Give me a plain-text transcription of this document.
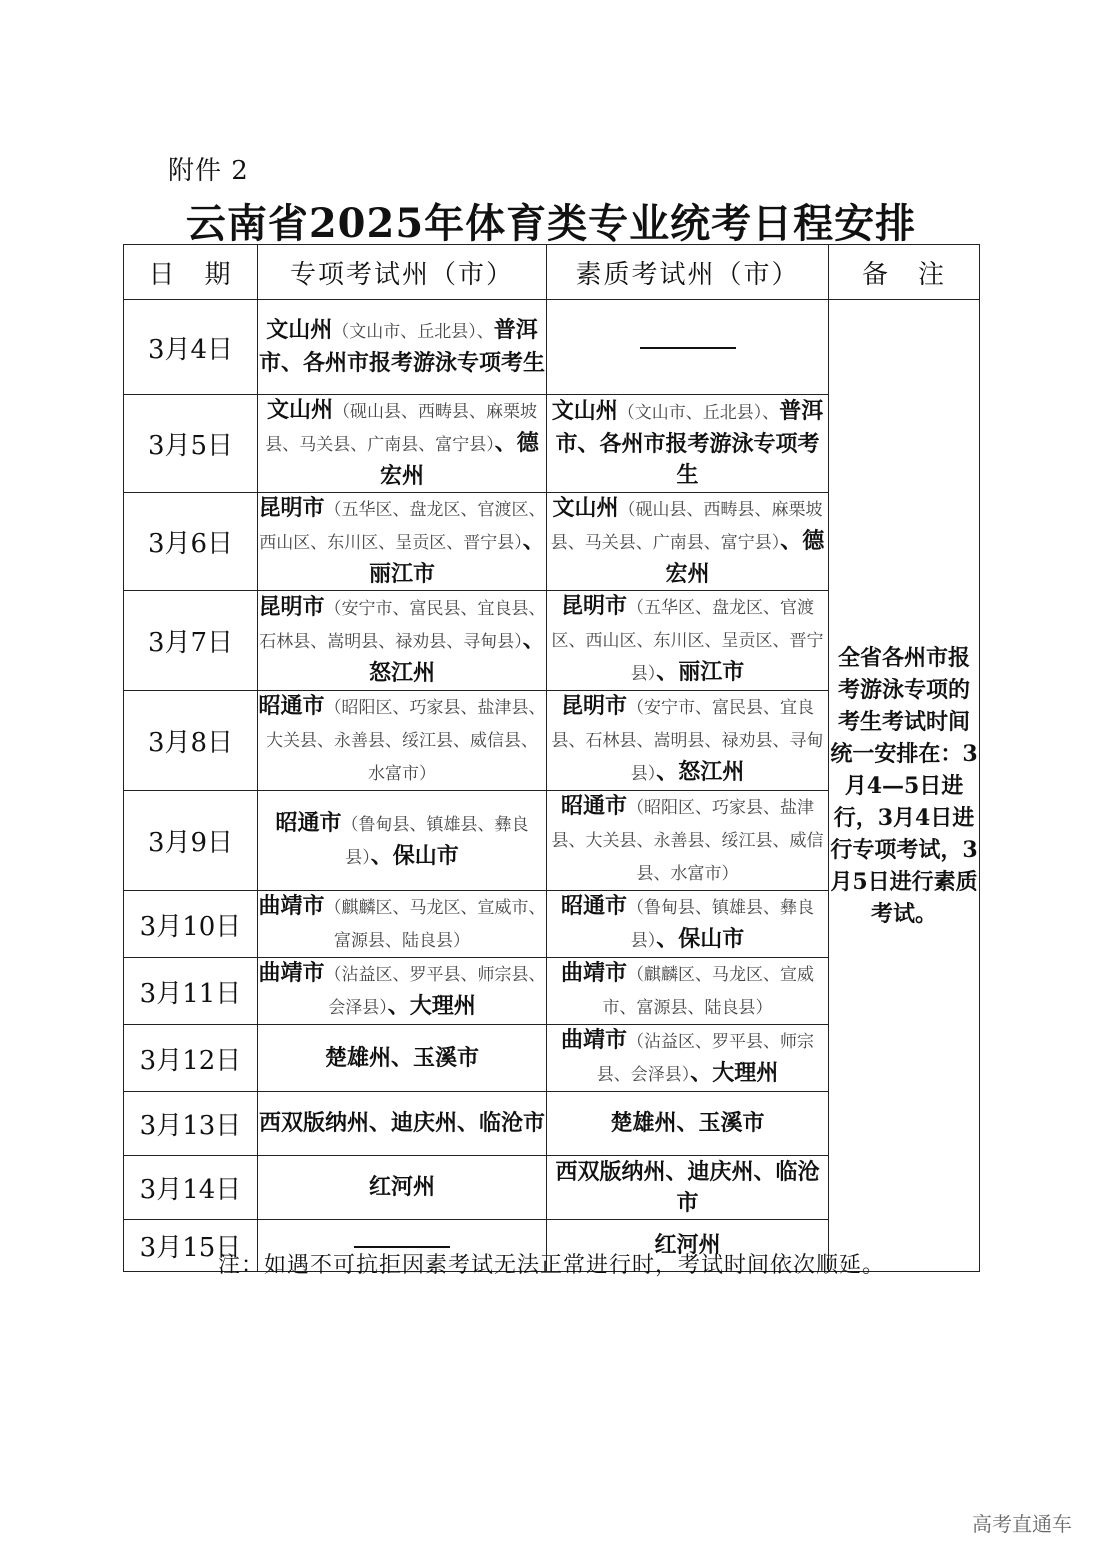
附件 2
云南省2025年体育类专业统考日程安排
日　期	专项考试州（市）	素质考试州（市）	备　注
3月4日	文山州（文山市、丘北县）、普洱市、各州市报考游泳专项考生		全省各州市报考游泳专项的考生考试时间统一安排在：3月4—5日进行，3月4日进行专项考试，3月5日进行素质考试。
3月5日	文山州（砚山县、西畴县、麻栗坡县、马关县、广南县、富宁县）、德宏州	文山州（文山市、丘北县）、普洱市、各州市报考游泳专项考生	
3月6日	昆明市（五华区、盘龙区、官渡区、西山区、东川区、呈贡区、晋宁县）、丽江市	文山州（砚山县、西畴县、麻栗坡县、马关县、广南县、富宁县）、德宏州	
3月7日	昆明市（安宁市、富民县、宜良县、石林县、嵩明县、禄劝县、寻甸县）、怒江州	昆明市（五华区、盘龙区、官渡区、西山区、东川区、呈贡区、晋宁县）、丽江市	
3月8日	昭通市（昭阳区、巧家县、盐津县、大关县、永善县、绥江县、威信县、水富市）	昆明市（安宁市、富民县、宜良县、石林县、嵩明县、禄劝县、寻甸县）、怒江州	
3月9日	昭通市（鲁甸县、镇雄县、彝良县）、保山市	昭通市（昭阳区、巧家县、盐津县、大关县、永善县、绥江县、威信县、水富市）	
3月10日	曲靖市（麒麟区、马龙区、宣威市、富源县、陆良县）	昭通市（鲁甸县、镇雄县、彝良县）、保山市	
3月11日	曲靖市（沾益区、罗平县、师宗县、会泽县）、大理州	曲靖市（麒麟区、马龙区、宣威市、富源县、陆良县）	
3月12日	楚雄州、玉溪市	曲靖市（沾益区、罗平县、师宗县、会泽县）、大理州	
3月13日	西双版纳州、迪庆州、临沧市	楚雄州、玉溪市	
3月14日	红河州	西双版纳州、迪庆州、临沧市	
3月15日		红河州	
注：如遇不可抗拒因素考试无法正常进行时，考试时间依次顺延。
高考直通车
